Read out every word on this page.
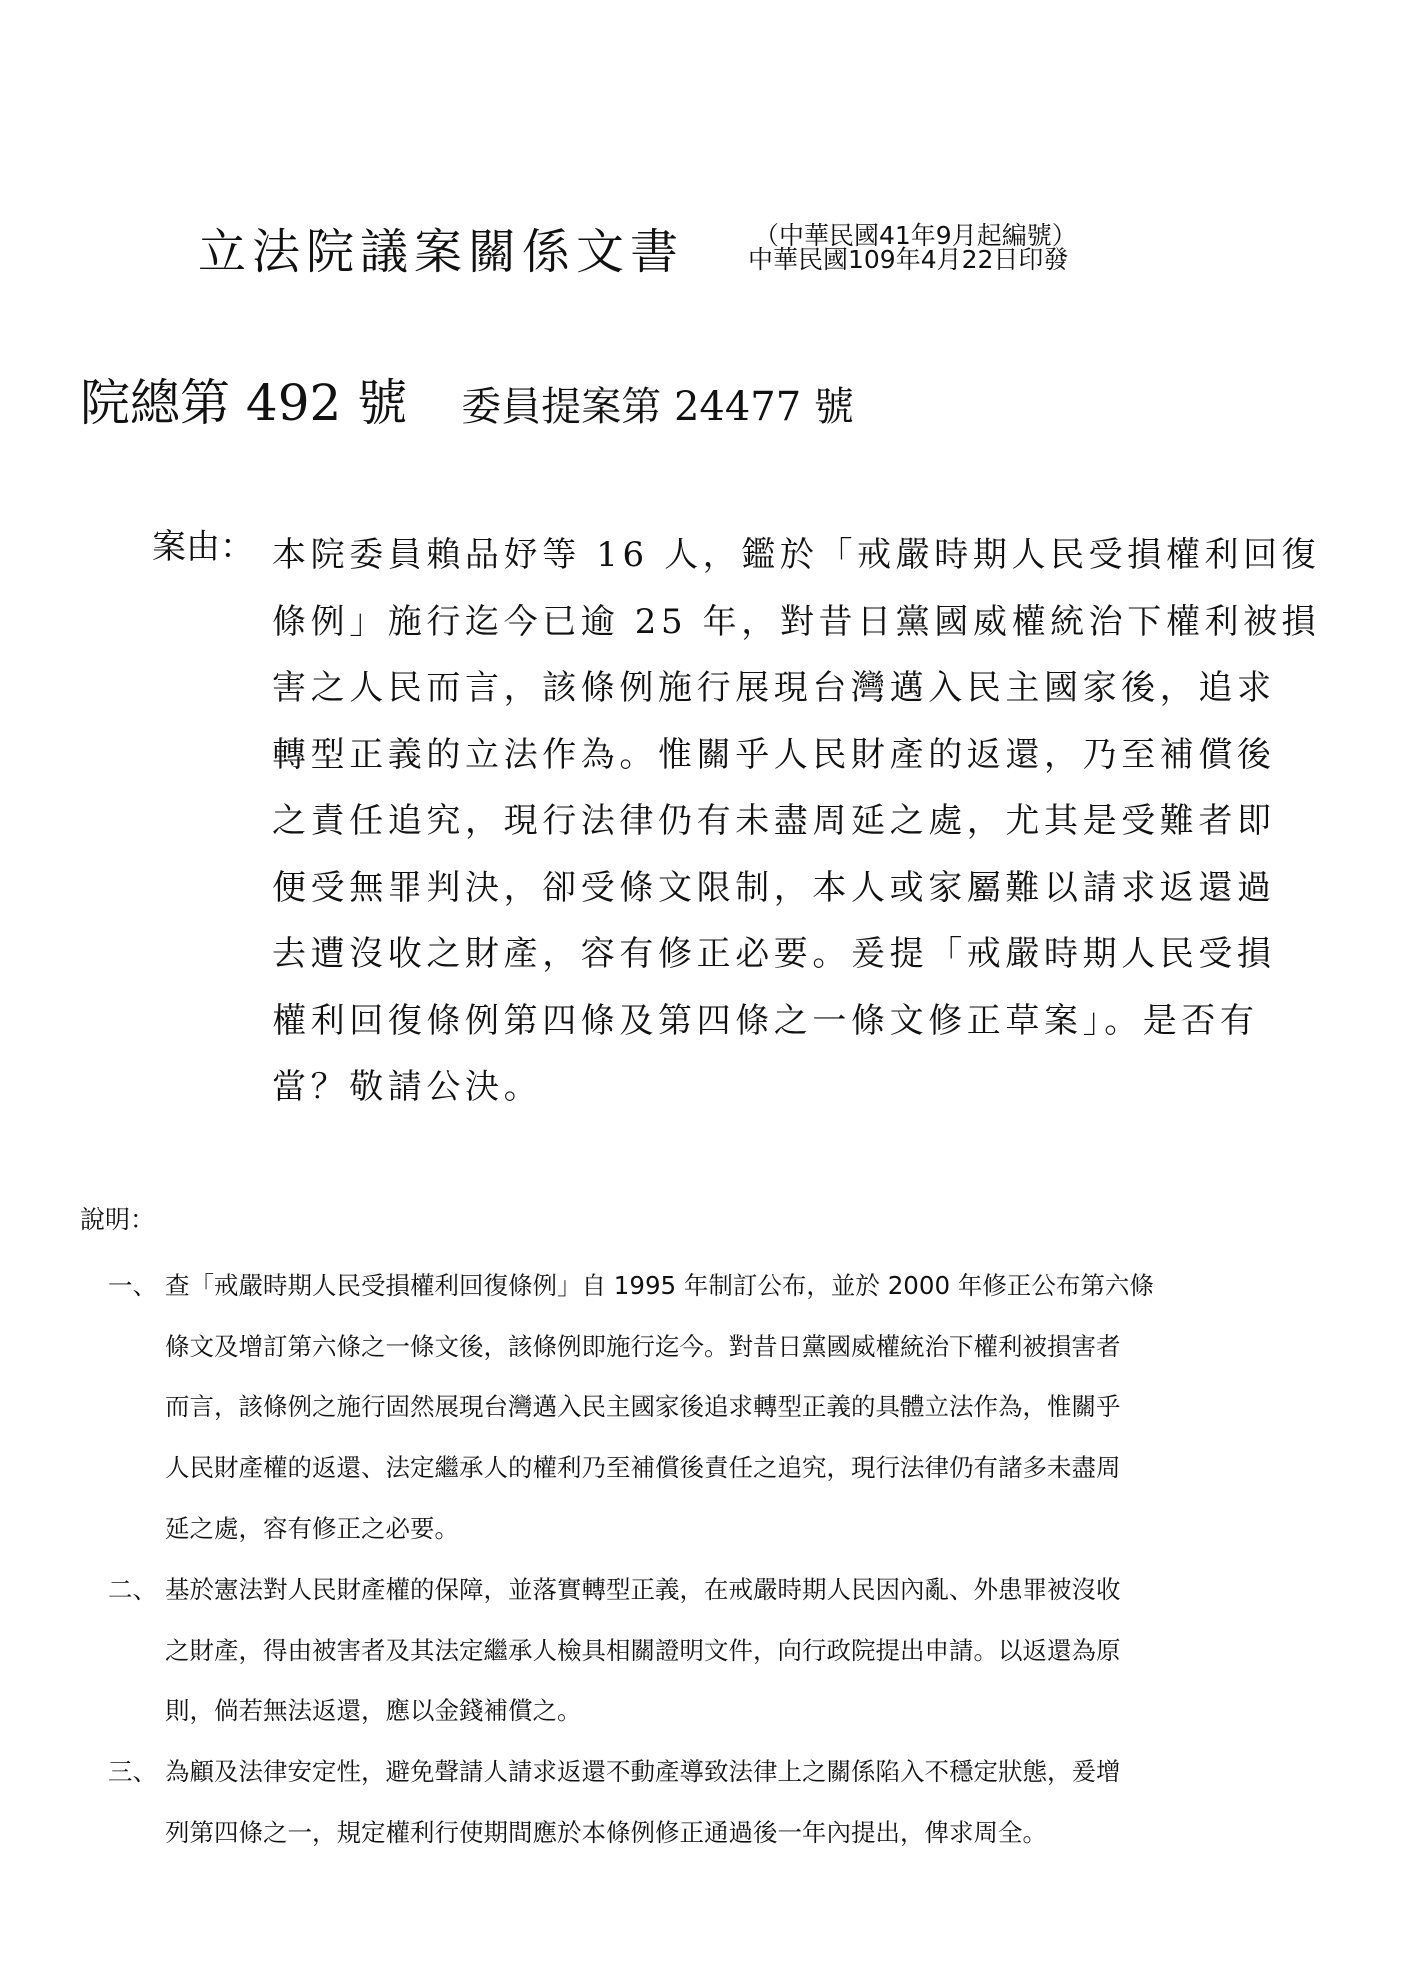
立法院議案關係文書	（中華民國41年9月起編號）
中華民國109年4月22日印發
院總第 492 號 委員提案第 24477 號
案由： 本院委員賴品妤等 16 人，鑑於「戒嚴時期人民受損權利回復
條例」施行迄今已逾 25 年，對昔日黨國威權統治下權利被損
害之人民而言，該條例施行展現台灣邁入民主國家後，追求
轉型正義的立法作為。惟關乎人民財產的返還，乃至補償後
之責任追究，現行法律仍有未盡周延之處，尤其是受難者即
便受無罪判決，卻受條文限制，本人或家屬難以請求返還過
去遭沒收之財產，容有修正必要。爰提「戒嚴時期人民受損
權利回復條例第四條及第四條之一條文修正草案」。是否有
當？敬請公決。
說明：
一、 查「戒嚴時期人民受損權利回復條例」自 1995 年制訂公布，並於 2000 年修正公布第六條
條文及增訂第六條之一條文後，該條例即施行迄今。對昔日黨國威權統治下權利被損害者
而言，該條例之施行固然展現台灣邁入民主國家後追求轉型正義的具體立法作為，惟關乎
人民財產權的返還、法定繼承人的權利乃至補償後責任之追究，現行法律仍有諸多未盡周
延之處，容有修正之必要。
二、 基於憲法對人民財產權的保障，並落實轉型正義，在戒嚴時期人民因內亂、外患罪被沒收
之財產，得由被害者及其法定繼承人檢具相關證明文件，向行政院提出申請。以返還為原
則，倘若無法返還，應以金錢補償之。
三、 為顧及法律安定性，避免聲請人請求返還不動產導致法律上之關係陷入不穩定狀態，爰增
列第四條之一，規定權利行使期間應於本條例修正通過後一年內提出，俾求周全。
